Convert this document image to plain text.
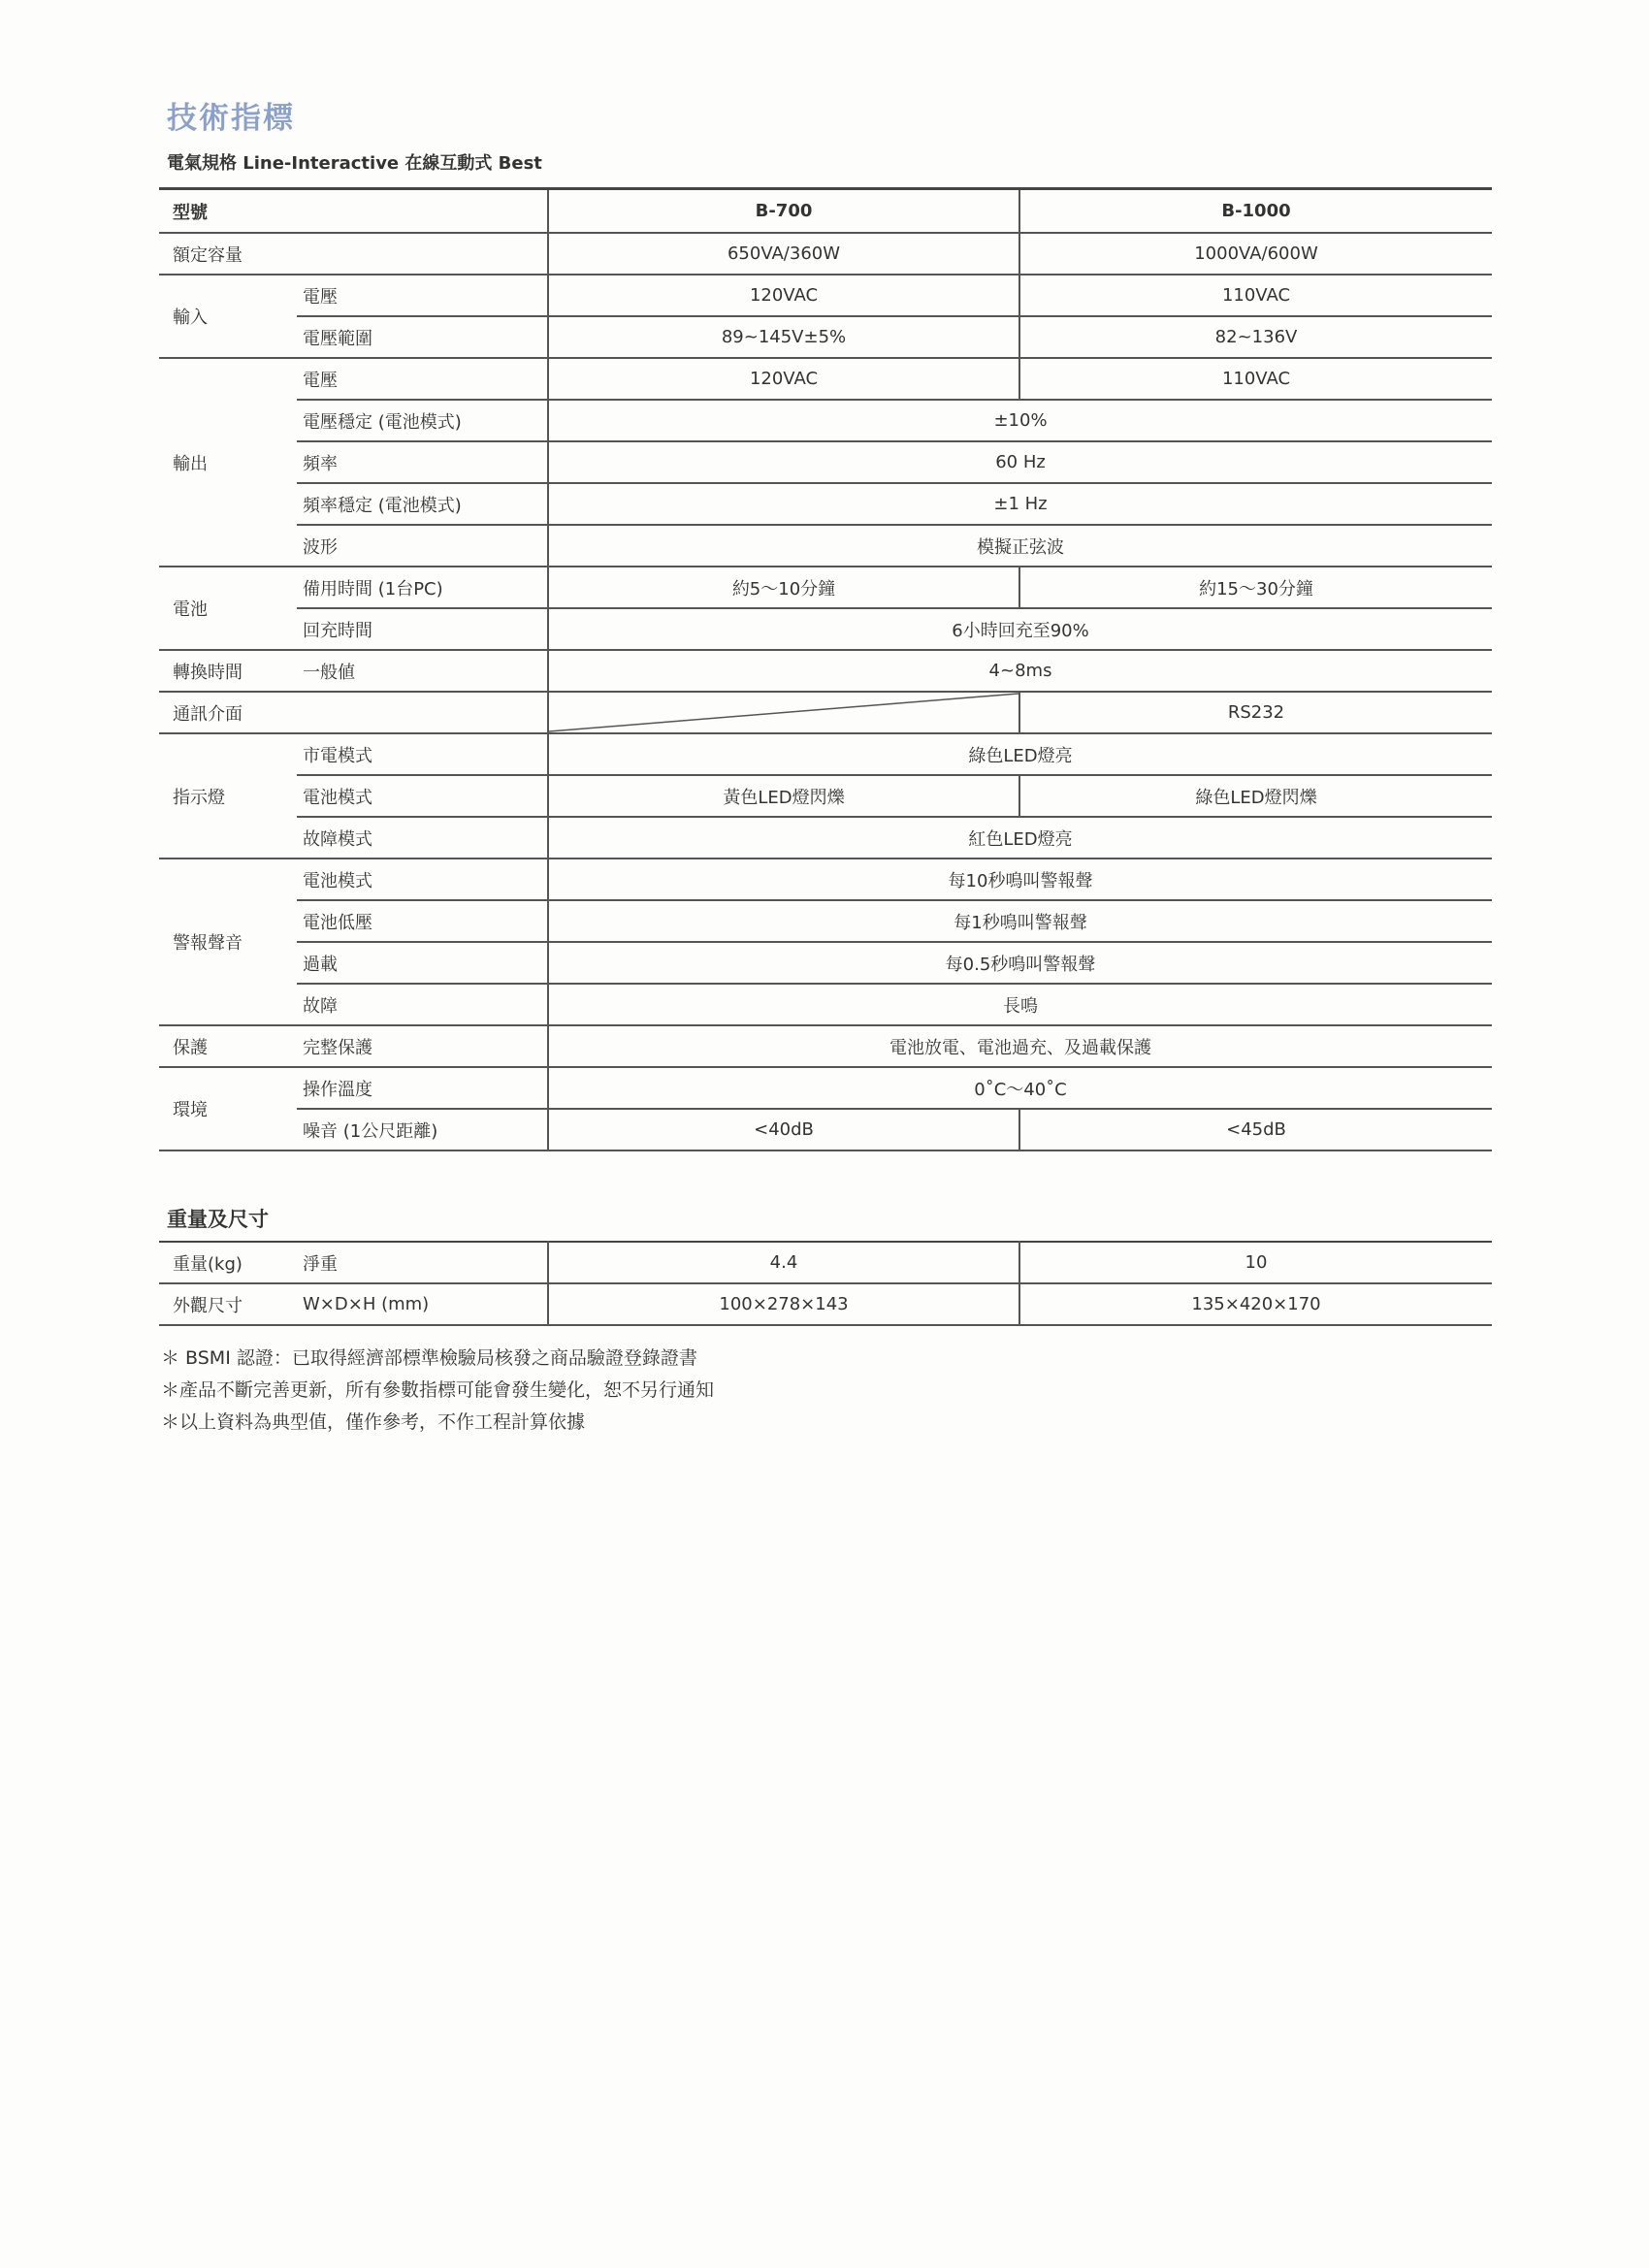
技術指標
電氣規格 Line-Interactive 在線互動式 Best
型號		B-700	B-1000
額定容量		650VA/360W	1000VA/600W
輸入	電壓	120VAC	110VAC
	電壓範圍	89~145V±5%	82~136V
輸出	電壓	120VAC	110VAC
	電壓穩定 (電池模式)	±10%	
	頻率	60 Hz	
	頻率穩定 (電池模式)	±1 Hz	
	波形	模擬正弦波	
電池	備用時間 (1台PC)	約5～10分鐘	約15～30分鐘
	回充時間	6小時回充至90%	
轉換時間	一般値	4~8ms	
通訊介面			RS232
指示燈	市電模式	綠色LED燈亮	
	電池模式	黃色LED燈閃爍	綠色LED燈閃爍
	故障模式	紅色LED燈亮	
警報聲音	電池模式	每10秒鳴叫警報聲	
	電池低壓	每1秒鳴叫警報聲	
	過載	每0.5秒鳴叫警報聲	
	故障	長鳴	
保護	完整保護	電池放電、電池過充、及過載保護	
環境	操作溫度	0˚C～40˚C	
	噪音 (1公尺距離)	<40dB	<45dB
重量及尺寸
重量(kg)	淨重	4.4	10
外觀尺寸	W×D×H (mm)	100×278×143	135×420×170
＊ BSMI 認證：已取得經濟部標準檢驗局核發之商品驗證登錄證書
＊產品不斷完善更新，所有參數指標可能會發生變化，恕不另行通知
＊以上資料為典型值，僅作參考，不作工程計算依據
